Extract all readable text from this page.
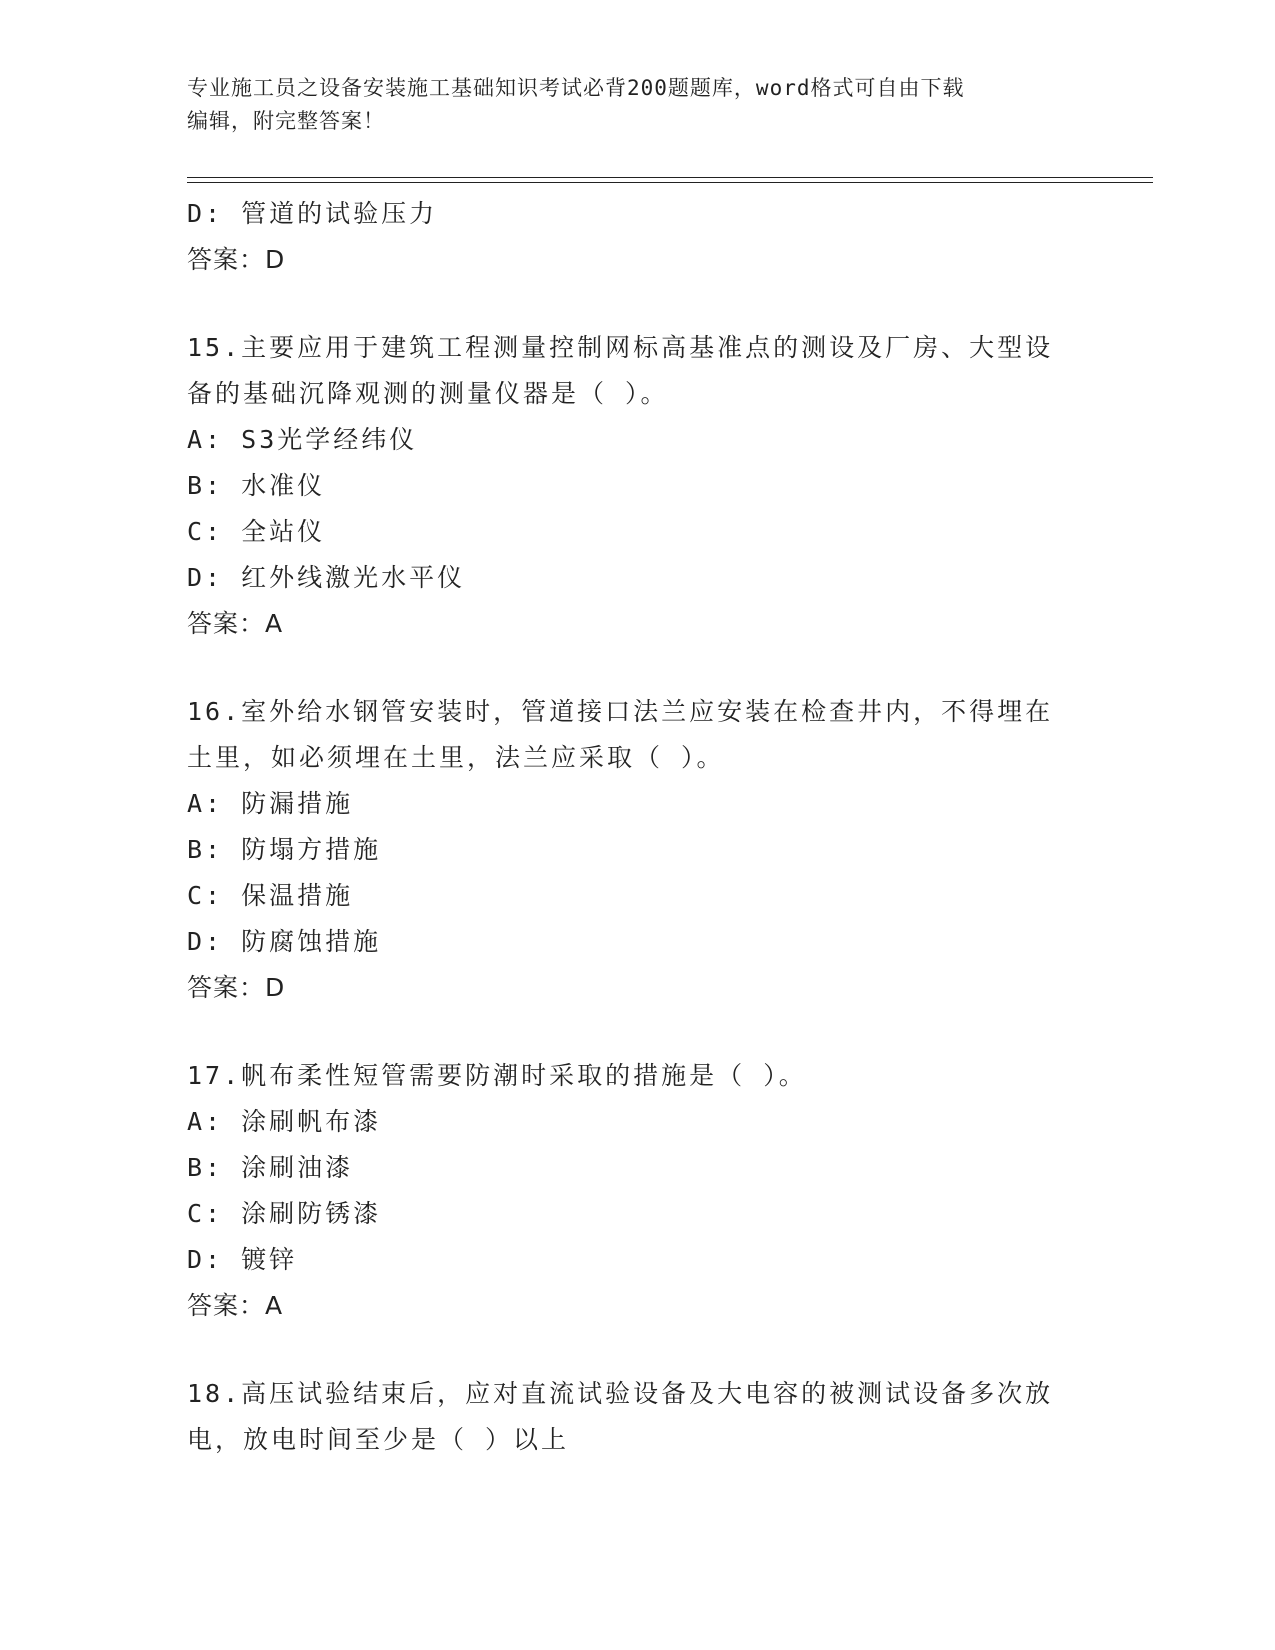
专业施工员之设备安装施工基础知识考试必背200题题库，word格式可自由下载
编辑，附完整答案！
D: 管道的试验压力
答案：D
15.主要应用于建筑工程测量控制网标高基准点的测设及厂房、大型设
备的基础沉降观测的测量仪器是（ ）。
A: S3光学经纬仪
B: 水准仪
C: 全站仪
D: 红外线激光水平仪
答案：A
16.室外给水钢管安装时，管道接口法兰应安装在检查井内，不得埋在
土里，如必须埋在土里，法兰应采取（ ）。
A: 防漏措施
B: 防塌方措施
C: 保温措施
D: 防腐蚀措施
答案：D
17.帆布柔性短管需要防潮时采取的措施是（ ）。
A: 涂刷帆布漆
B: 涂刷油漆
C: 涂刷防锈漆
D: 镀锌
答案：A
18.高压试验结束后，应对直流试验设备及大电容的被测试设备多次放
电，放电时间至少是（ ）以上
